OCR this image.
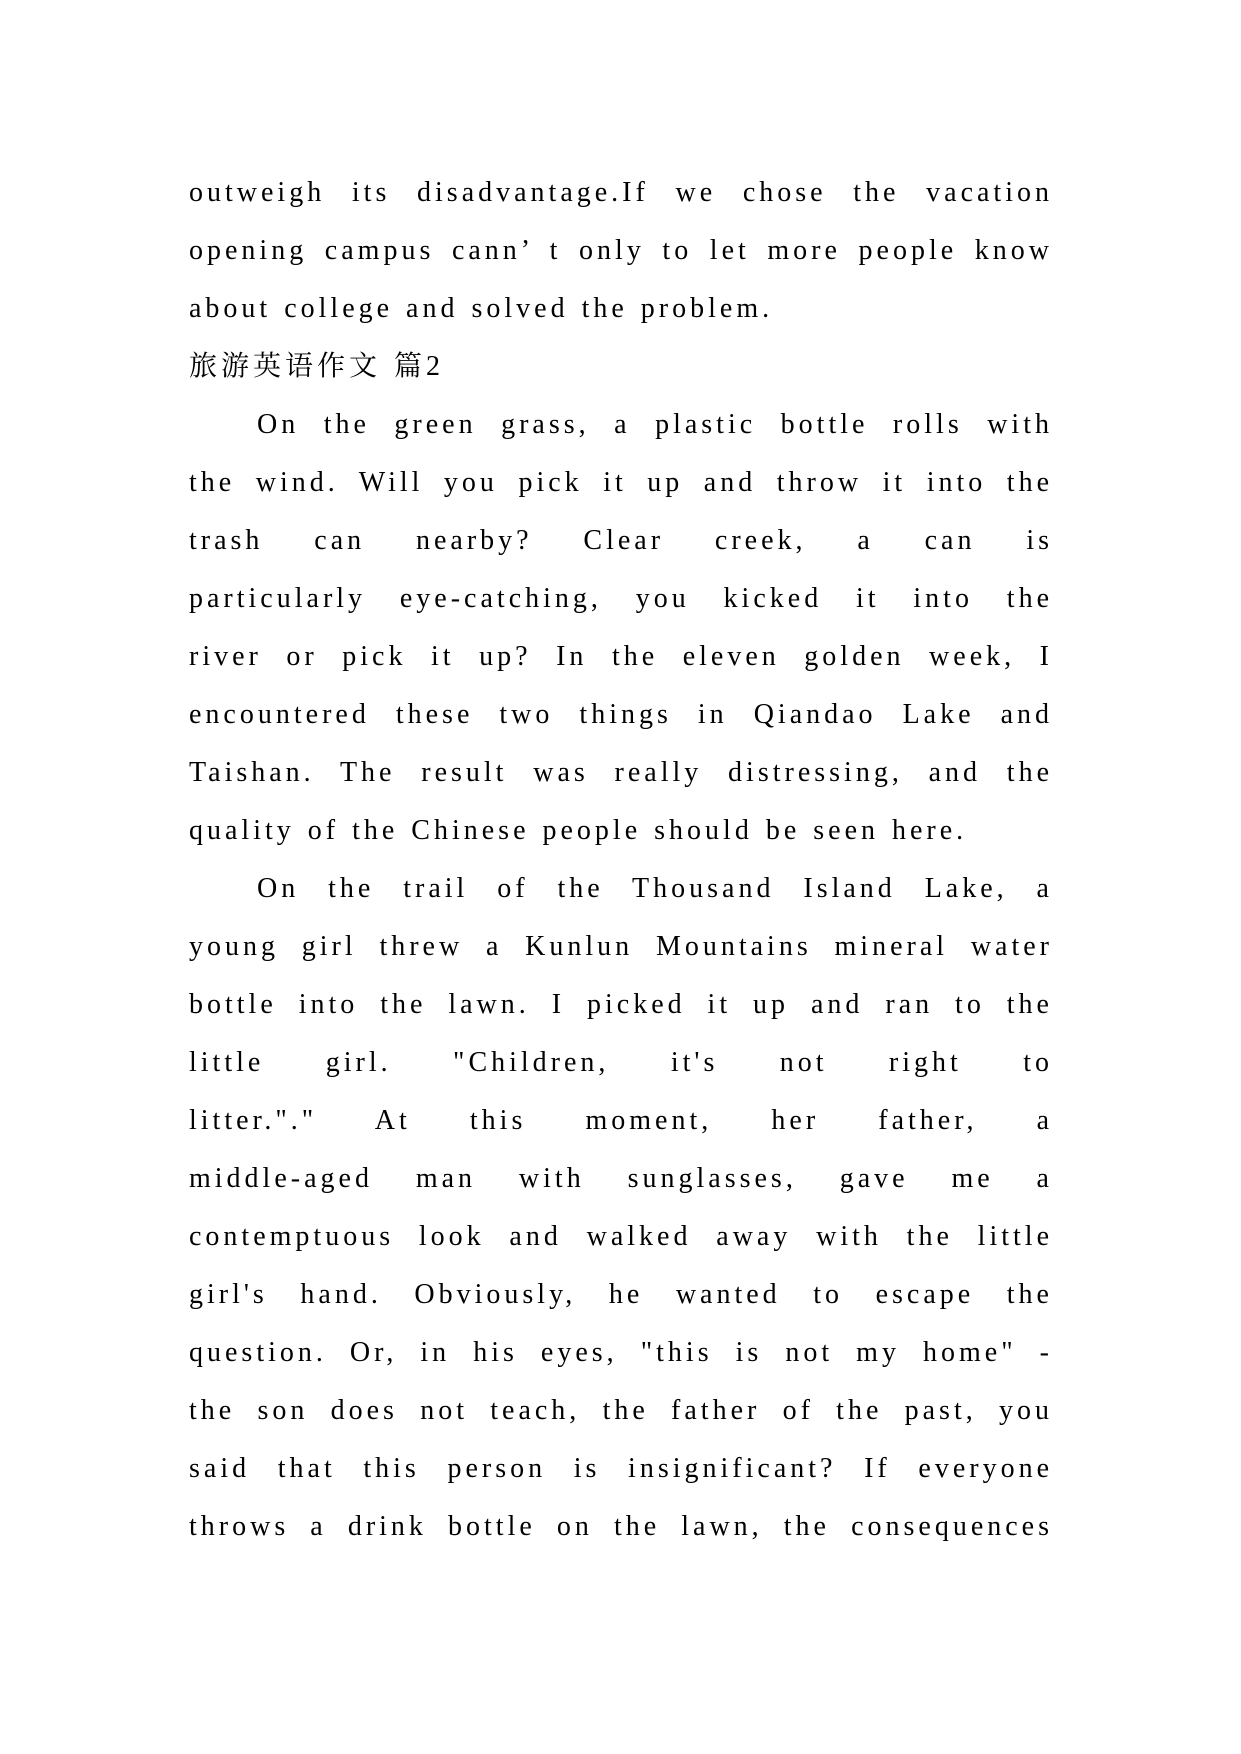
outweigh its disadvantage.If we chose the vacation
opening campus cann’ t only to let more people know
about college and solved the problem.
旅游英语作文 篇2
On the green grass, a plastic bottle rolls with
the wind. Will you pick it up and throw it into the
trash can nearby? Clear creek, a can is
particularly eye-catching, you kicked it into the
river or pick it up? In the eleven golden week, I
encountered these two things in Qiandao Lake and
Taishan. The result was really distressing, and the
quality of the Chinese people should be seen here.
On the trail of the Thousand Island Lake, a
young girl threw a Kunlun Mountains mineral water
bottle into the lawn. I picked it up and ran to the
little girl. "Children, it's not right to
litter."." At this moment, her father, a
middle-aged man with sunglasses, gave me a
contemptuous look and walked away with the little
girl's hand. Obviously, he wanted to escape the
question. Or, in his eyes, "this is not my home" -
the son does not teach, the father of the past, you
said that this person is insignificant? If everyone
throws a drink bottle on the lawn, the consequences
